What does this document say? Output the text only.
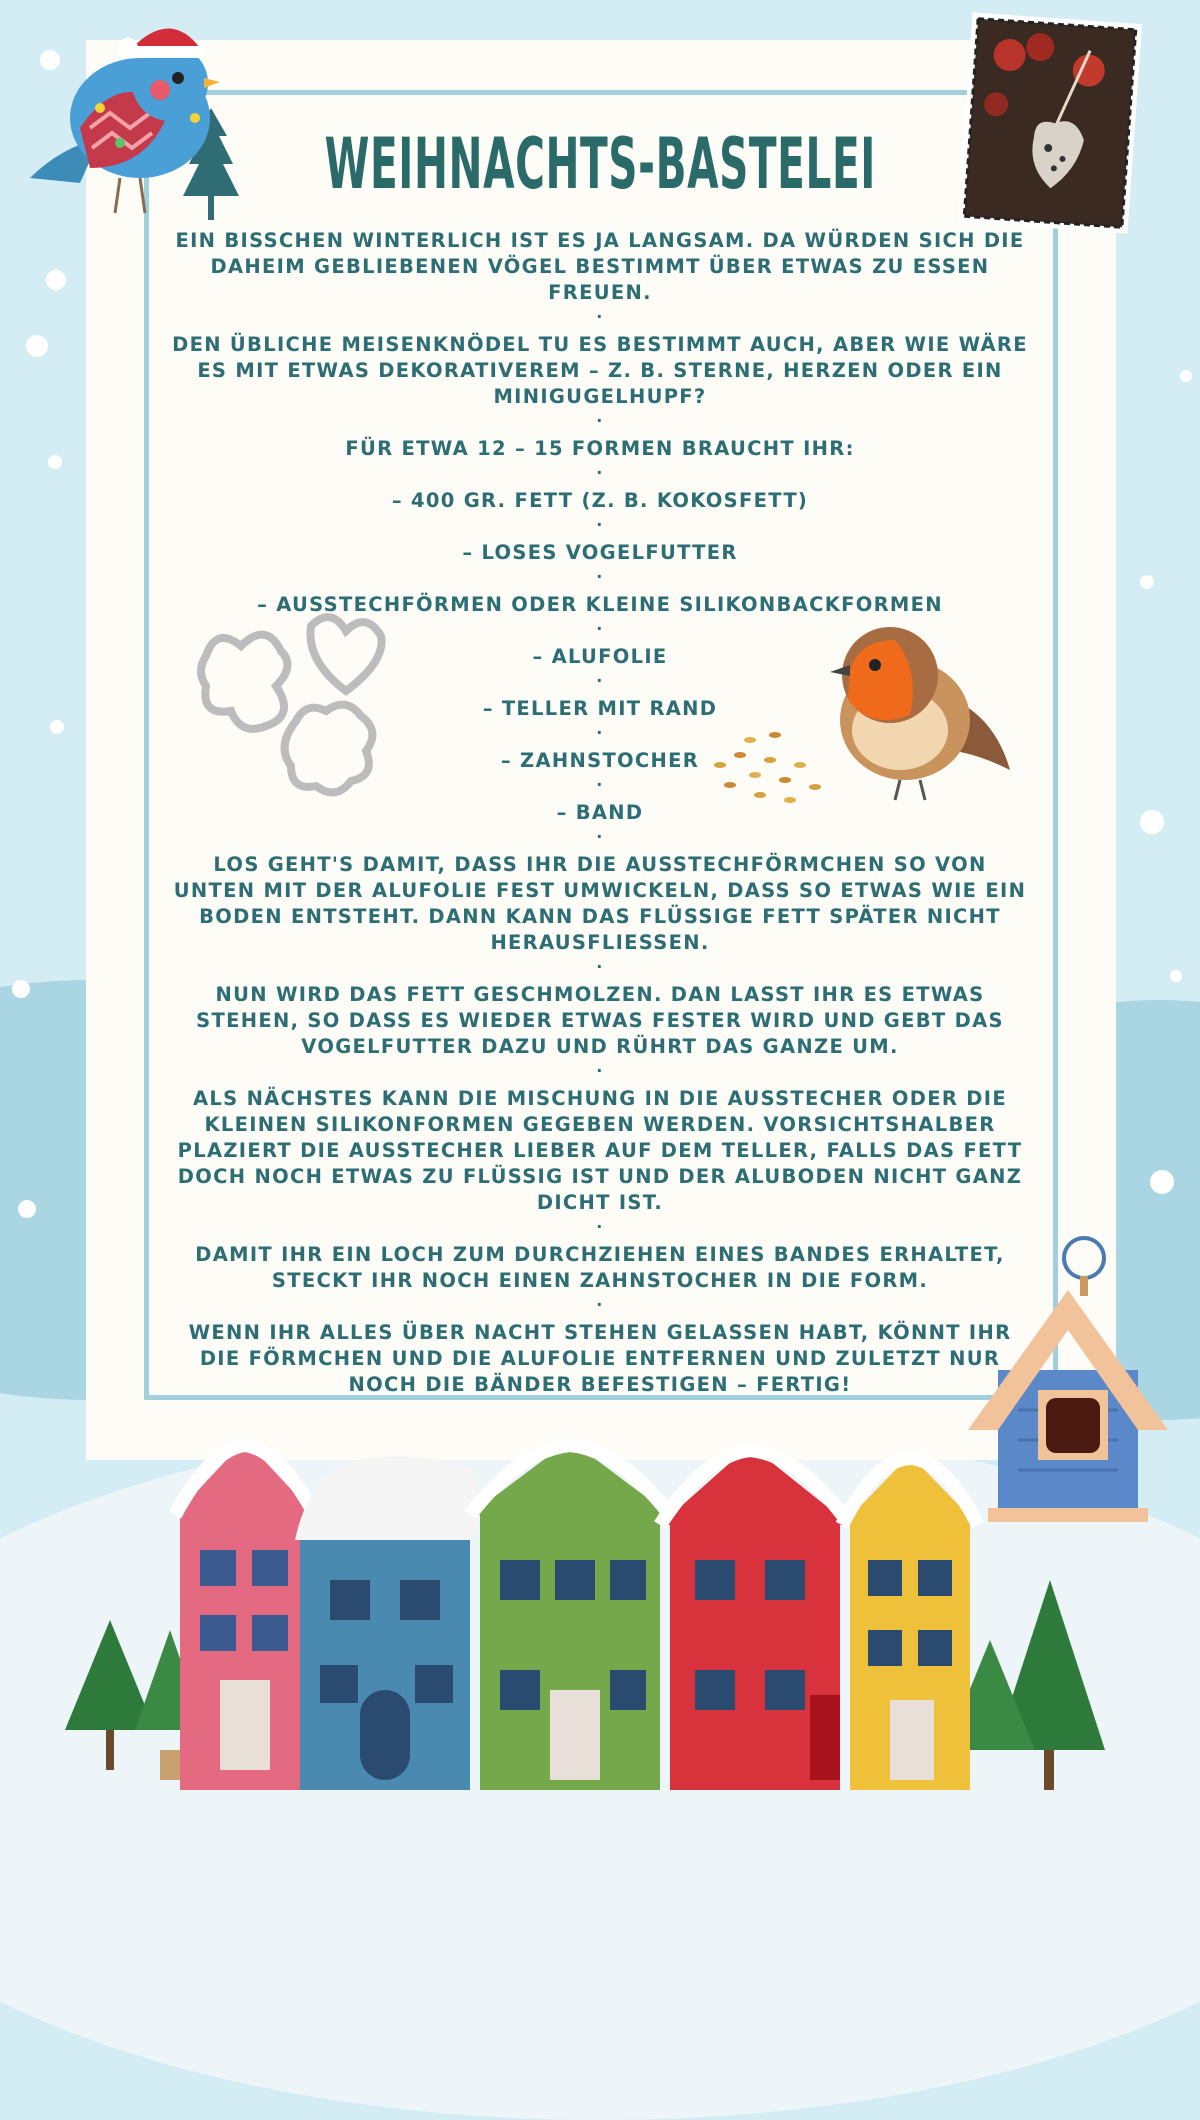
WEIHNACHTS-BASTELEI

EIN BISSCHEN WINTERLICH IST ES JA LANGSAM. DA WÜRDEN SICH DIE DAHEIM GEBLIEBENEN VÖGEL BESTIMMT ÜBER ETWAS ZU ESSEN FREUEN.

.

DEN ÜBLICHE MEISENKNÖDEL TU ES BESTIMMT AUCH, ABER WIE WÄRE ES MIT ETWAS DEKORATIVEREM – Z. B. STERNE, HERZEN ODER EIN MINIGUGELHUPF?

.

FÜR ETWA 12 – 15 FORMEN BRAUCHT IHR:

.

– 400 GR. FETT (Z. B. KOKOSFETT)

.

– LOSES VOGELFUTTER

.

– AUSSTECHFÖRMEN ODER KLEINE SILIKONBACKFORMEN

.

– ALUFOLIE

.

– TELLER MIT RAND

.

– ZAHNSTOCHER

.

– BAND

.

LOS GEHT'S DAMIT, DASS IHR DIE AUSSTECHFÖRMCHEN SO VON UNTEN MIT DER ALUFOLIE FEST UMWICKELN, DASS SO ETWAS WIE EIN BODEN ENTSTEHT. DANN KANN DAS FLÜSSIGE FETT SPÄTER NICHT HERAUSFLIESSEN.

.

NUN WIRD DAS FETT GESCHMOLZEN. DAN LASST IHR ES ETWAS STEHEN, SO DASS ES WIEDER ETWAS FESTER WIRD UND GEBT DAS VOGELFUTTER DAZU UND RÜHRT DAS GANZE UM.

.

ALS NÄCHSTES KANN DIE MISCHUNG IN DIE AUSSTECHER ODER DIE KLEINEN SILIKONFORMEN GEGEBEN WERDEN. VORSICHTSHALBER PLAZIERT DIE AUSSTECHER LIEBER AUF DEM TELLER, FALLS DAS FETT DOCH NOCH ETWAS ZU FLÜSSIG IST UND DER ALUBODEN NICHT GANZ DICHT IST.

.

DAMIT IHR EIN LOCH ZUM DURCHZIEHEN EINES BANDES ERHALTET, STECKT IHR NOCH EINEN ZAHNSTOCHER IN DIE FORM.

.

WENN IHR ALLES ÜBER NACHT STEHEN GELASSEN HABT, KÖNNT IHR DIE FÖRMCHEN UND DIE ALUFOLIE ENTFERNEN UND ZULETZT NUR NOCH DIE BÄNDER BEFESTIGEN – FERTIG!
